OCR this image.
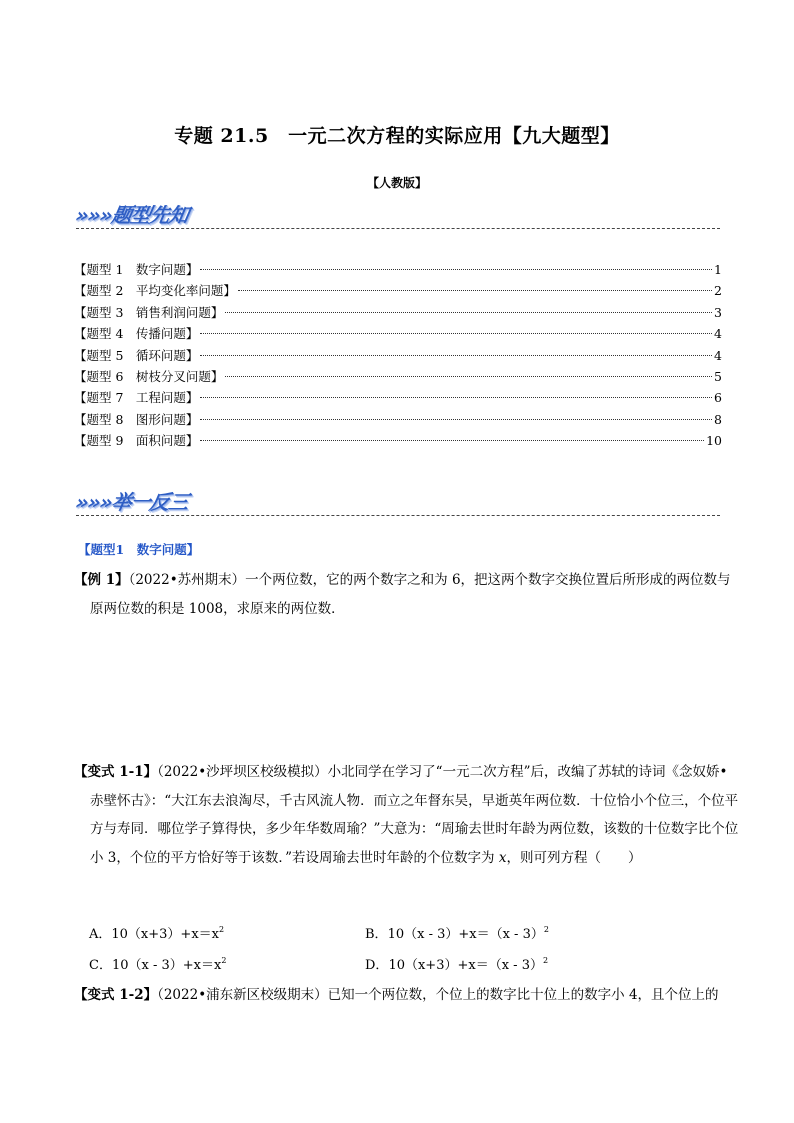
专题 21.5　一元二次方程的实际应用【九大题型】
【人教版】
»»»题型先知
【题型 1　数字问题】	1
【题型 2　平均变化率问题】	2
【题型 3　销售利润问题】	3
【题型 4　传播问题】	4
【题型 5　循环问题】	4
【题型 6　树枝分叉问题】	5
【题型 7　工程问题】	6
【题型 8　图形问题】	8
【题型 9　面积问题】	10
»»»举一反三
【题型1　数字问题】
【例 1】（2022•苏州期末）一个两位数，它的两个数字之和为 6，把这两个数字交换位置后所形成的两位数与原两位数的积是 1008，求原来的两位数．
【变式 1-1】（2022•沙坪坝区校级模拟）小北同学在学习了“一元二次方程”后，改编了苏轼的诗词《念奴娇•赤壁怀古》：“大江东去浪淘尽，千古风流人物．而立之年督东吴，早逝英年两位数．十位恰小个位三，个位平方与寿同．哪位学子算得快，多少年华数周瑜？”大意为：“周瑜去世时年龄为两位数，该数的十位数字比个位小 3，个位的平方恰好等于该数．”若设周瑜去世时年龄的个位数字为 x，则可列方程（　　）
A．$10(x+3)+x=x^2$	B．10（x - 3）+x＝（x - 3）$^2$
C．$10(x - 3)+x=x^2$	D．10（x+3）+x＝（x - 3）$^2$
【变式 1-2】（2022•浦东新区校级期末）已知一个两位数，个位上的数字比十位上的数字小 4，且个位上的
